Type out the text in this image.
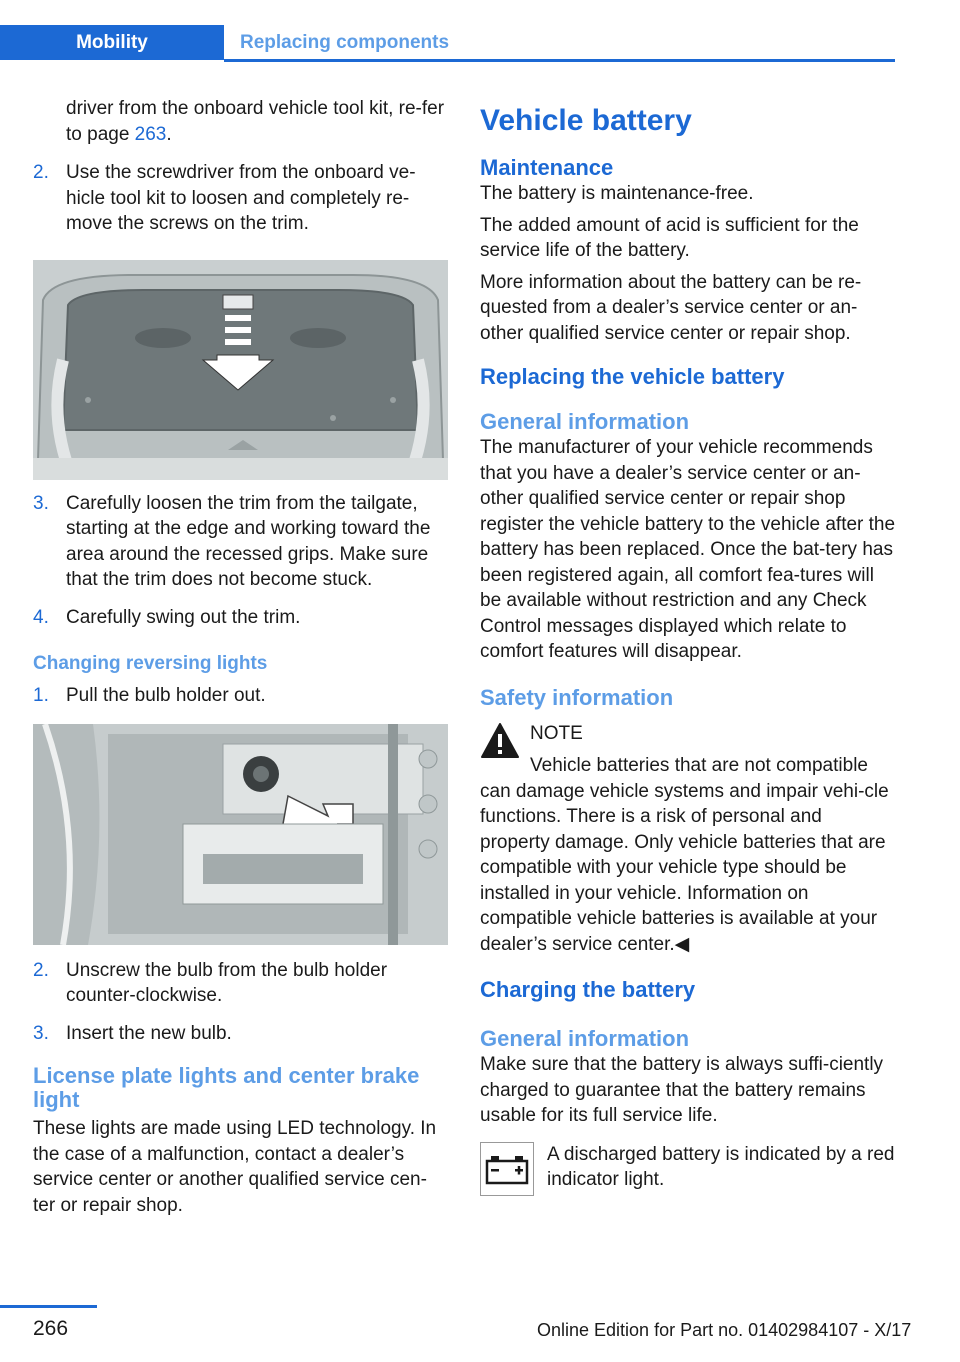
Mobility	Replacing components

driver from the onboard vehicle tool kit, re‐fer to page 263.

2. Use the screwdriver from the onboard ve‐hicle tool kit to loosen and completely re‐move the screws on the trim.
3. Carefully loosen the trim from the tailgate, starting at the edge and working toward the area around the recessed grips. Make sure that the trim does not become stuck.
4. Carefully swing out the trim.
Changing reversing lights
1. Pull the bulb holder out.
2. Unscrew the bulb from the bulb holder counter-clockwise.
3. Insert the new bulb.
License plate lights and center brake light

These lights are made using LED technology. In the case of a malfunction, contact a dealer’s service center or another qualified service cen‐ter or repair shop.

Vehicle battery
Maintenance

The battery is maintenance-free.

The added amount of acid is sufficient for the service life of the battery.

More information about the battery can be re‐quested from a dealer’s service center or an‐other qualified service center or repair shop.

Replacing the vehicle battery
General information

The manufacturer of your vehicle recommends that you have a dealer’s service center or an‐other qualified service center or repair shop register the vehicle battery to the vehicle after the battery has been replaced. Once the bat‐tery has been registered again, all comfort fea‐tures will be available without restriction and any Check Control messages displayed which relate to comfort features will disappear.

Safety information

NOTE

Vehicle batteries that are not compatible

can damage vehicle systems and impair vehi‐cle functions. There is a risk of personal and property damage. Only vehicle batteries that are compatible with your vehicle type should be installed in your vehicle. Information on compatible vehicle batteries is available at your dealer’s service center.◀

Charging the battery
General information

Make sure that the battery is always suffi‐ciently charged to guarantee that the battery remains usable for its full service life.

A discharged battery is indicated by a red indicator light.

266	Online Edition for Part no. 01402984107 - X/17
